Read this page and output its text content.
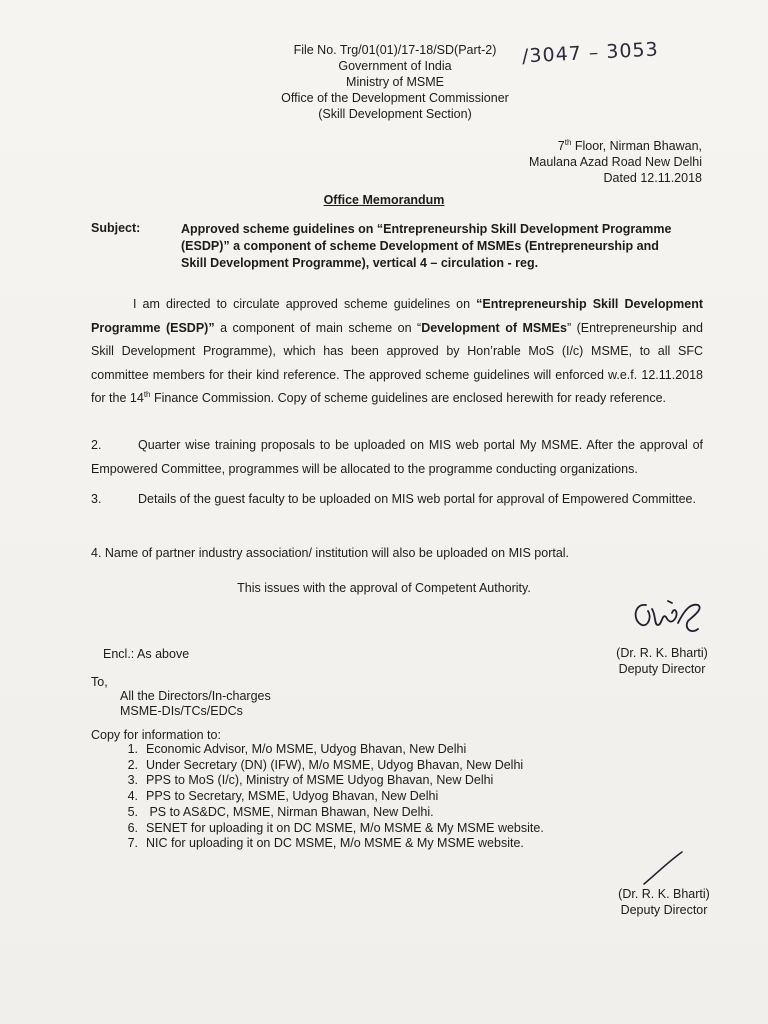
File No. Trg/01(01)/17-18/SD(Part-2)
Government of India
Ministry of MSME
Office of the Development Commissioner
(Skill Development Section)
/3047 – 3053
7th Floor, Nirman Bhawan,
Maulana Azad Road New Delhi
Dated 12.11.2018
Office Memorandum
Subject:	Approved scheme guidelines on “Entrepreneurship Skill Development Programme
(ESDP)” a component of scheme Development of MSMEs (Entrepreneurship and
Skill Development Programme), vertical 4 – circulation - reg.
I am directed to circulate approved scheme guidelines on “Entrepreneurship Skill Development Programme (ESDP)” a component of main scheme on “Development of MSMEs” (Entrepreneurship and Skill Development Programme), which has been approved by Hon’rable MoS (I/c) MSME, to all SFC committee members for their kind reference. The approved scheme guidelines will enforced w.e.f. 12.11.2018 for the 14th Finance Commission. Copy of scheme guidelines are enclosed herewith for ready reference.
2.	Quarter wise training proposals to be uploaded on MIS web portal My MSME. After the approval of Empowered Committee, programmes will be allocated to the programme conducting organizations.
3.	Details of the guest faculty to be uploaded on MIS web portal for approval of Empowered Committee.
4. Name of partner industry association/ institution will also be uploaded on MIS portal.
This issues with the approval of Competent Authority.
(Dr. R. K. Bharti)
Deputy Director
Encl.: As above
To,
All the Directors/In-charges
MSME-DIs/TCs/EDCs
Copy for information to:
1. Economic Advisor, M/o MSME, Udyog Bhavan, New Delhi
2. Under Secretary (DN) (IFW), M/o MSME, Udyog Bhavan, New Delhi
3. PPS to MoS (I/c), Ministry of MSME Udyog Bhavan, New Delhi
4. PPS to Secretary, MSME, Udyog Bhavan, New Delhi
5. PS to AS&DC, MSME, Nirman Bhawan, New Delhi.
6. SENET for uploading it on DC MSME, M/o MSME & My MSME website.
7. NIC for uploading it on DC MSME, M/o MSME & My MSME website.
(Dr. R. K. Bharti)
Deputy Director
